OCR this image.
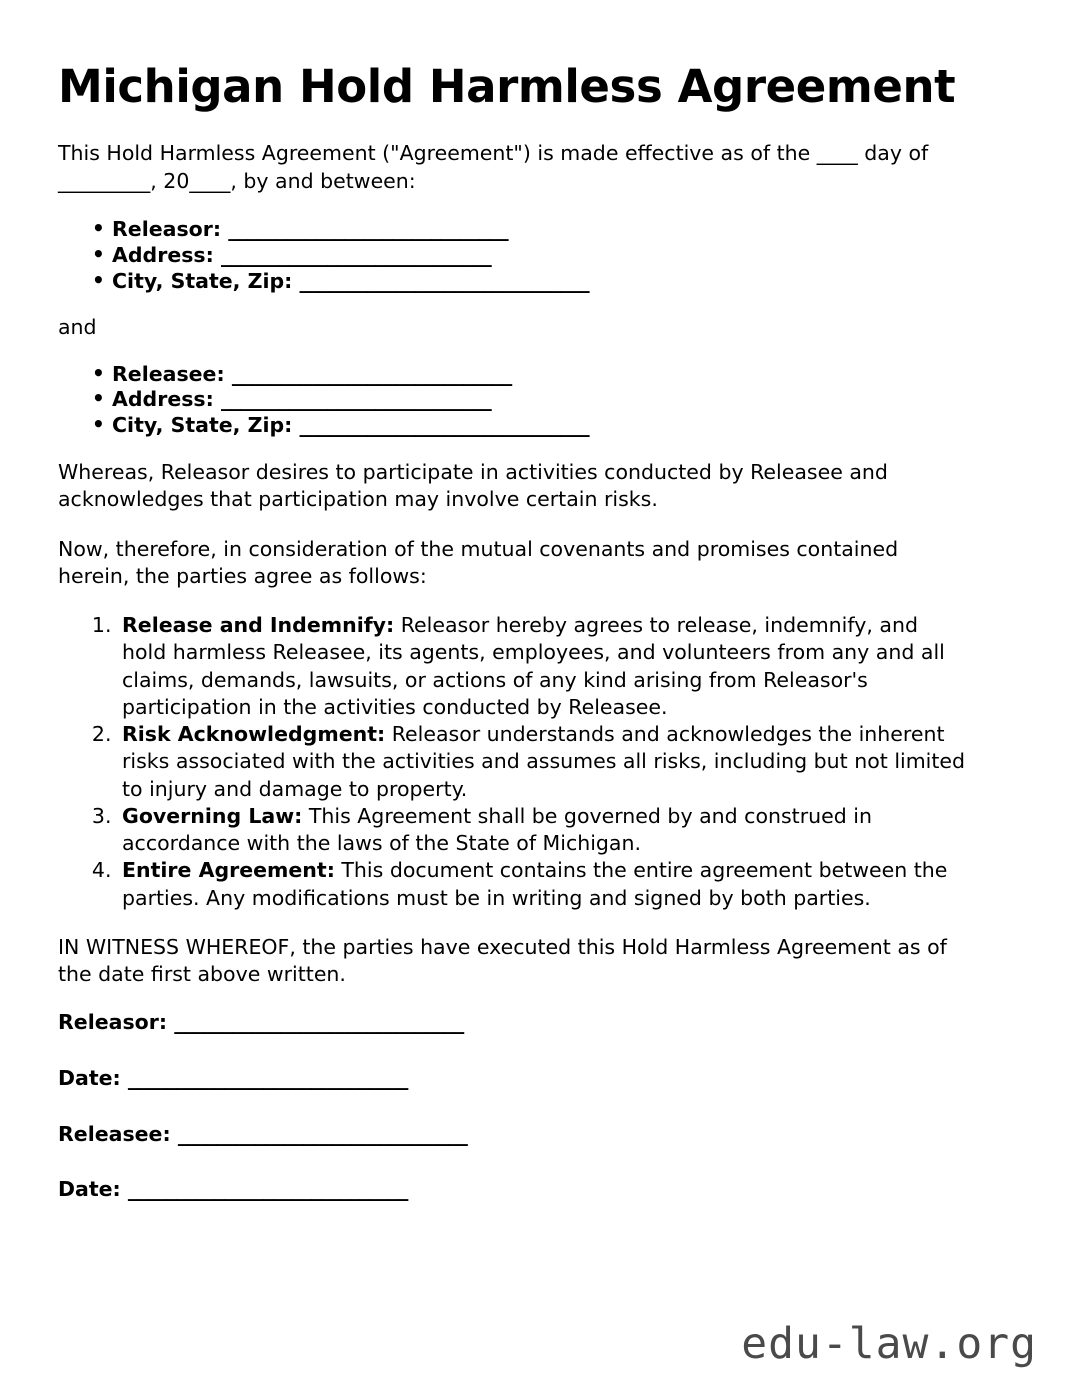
Michigan Hold Harmless Agreement

This Hold Harmless Agreement ("Agreement") is made effective as of the ____ day of _________, 20____, by and between:

• Releasor: _____________________________
• Address: ____________________________
• City, State, Zip: ______________________________

and

• Releasee: _____________________________
• Address: ____________________________
• City, State, Zip: ______________________________

Whereas, Releasor desires to participate in activities conducted by Releasee and acknowledges that participation may involve certain risks.

Now, therefore, in consideration of the mutual covenants and promises contained herein, the parties agree as follows:

1. Release and Indemnify: Releasor hereby agrees to release, indemnify, and hold harmless Releasee, its agents, employees, and volunteers from any and all claims, demands, lawsuits, or actions of any kind arising from Releasor's participation in the activities conducted by Releasee.
2. Risk Acknowledgment: Releasor understands and acknowledges the inherent risks associated with the activities and assumes all risks, including but not limited to injury and damage to property.
3. Governing Law: This Agreement shall be governed by and construed in accordance with the laws of the State of Michigan.
4. Entire Agreement: This document contains the entire agreement between the parties. Any modifications must be in writing and signed by both parties.

IN WITNESS WHEREOF, the parties have executed this Hold Harmless Agreement as of the date first above written.

Releasor: ______________________________
Date: _____________________________
Releasee: ______________________________
Date: _____________________________
edu-law.org
